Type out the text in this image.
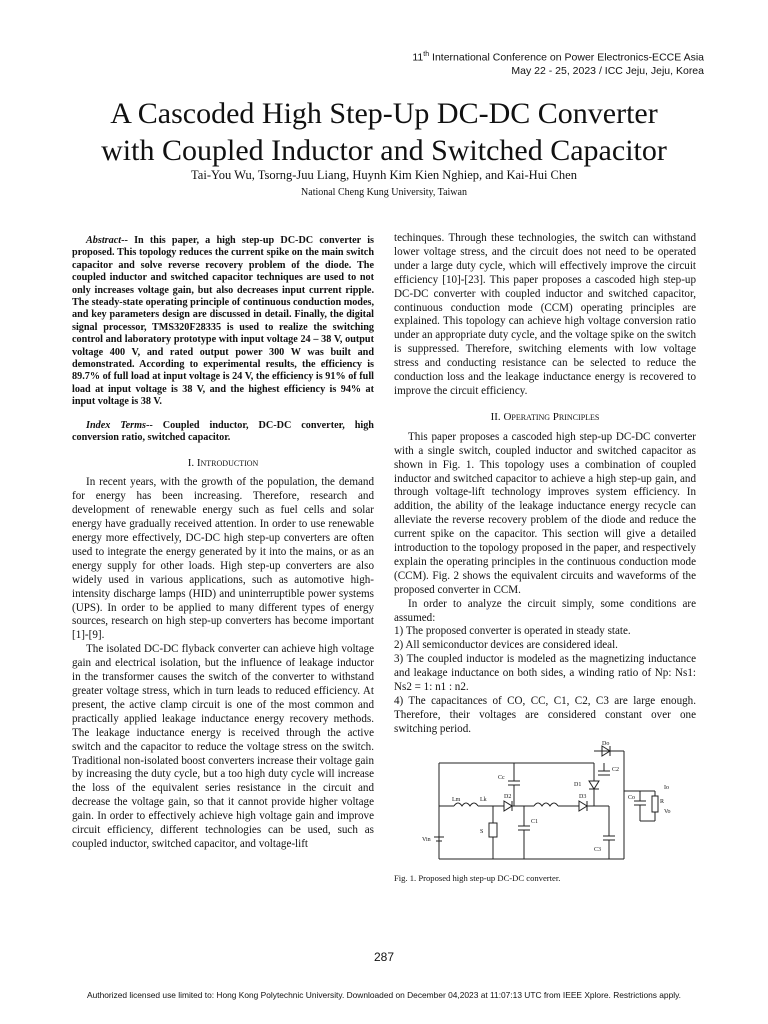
11th International Conference on Power Electronics-ECCE Asia
May 22 - 25, 2023 / ICC Jeju, Jeju, Korea
A Cascoded High Step-Up DC-DC Converter
with Coupled Inductor and Switched Capacitor
Tai-You Wu, Tsorng-Juu Liang, Huynh Kim Kien Nghiep, and Kai-Hui Chen
National Cheng Kung University, Taiwan

Abstract-- In this paper, a high step-up DC-DC converter is proposed. This topology reduces the current spike on the main switch capacitor and solve reverse recovery problem of the diode. The coupled inductor and switched capacitor techniques are used to not only increases voltage gain, but also decreases input current ripple. The steady-state operating principle of continuous conduction modes, and key parameters design are discussed in detail. Finally, the digital signal processor, TMS320F28335 is used to realize the switching control and laboratory prototype with input voltage 24 – 38 V, output voltage 400 V, and rated output power 300 W was built and demonstrated. According to experimental results, the efficiency is 89.7% of full load at input voltage is 24 V, the efficiency is 91% of full load at input voltage is 38 V, and the highest efficiency is 94% at input voltage is 38 V.

Index Terms-- Coupled inductor, DC-DC converter, high conversion ratio, switched capacitor.

I. Introduction

In recent years, with the growth of the population, the demand for energy has been increasing. Therefore, research and development of renewable energy such as fuel cells and solar energy have gradually received attention. In order to use renewable energy more effectively, DC-DC high step-up converters are often used to integrate the energy generated by it into the mains, or as an energy supply for other loads. High step-up converters are also widely used in various applications, such as automotive high-intensity discharge lamps (HID) and uninterruptible power systems (UPS). In order to be applied to many different types of energy sources, research on high step-up converters has become important [1]-[9].

The isolated DC-DC flyback converter can achieve high voltage gain and electrical isolation, but the influence of leakage inductor in the transformer causes the switch of the converter to withstand greater voltage stress, which in turn leads to reduced efficiency. At present, the active clamp circuit is one of the most common and practically applied leakage inductance energy recovery methods. The leakage inductance energy is received through the active switch and the capacitor to reduce the voltage stress on the switch. Traditional non-isolated boost converters increase their voltage gain by increasing the duty cycle, but a too high duty cycle will increase the loss of the equivalent series resistance in the circuit and decrease the voltage gain, so that it cannot provide higher voltage gain. In order to effectively achieve high voltage gain and improve circuit efficiency, different technologies can be used, such as coupled inductor, switched capacitor, and voltage-lift

techinques. Through these technologies, the switch can withstand lower voltage stress, and the circuit does not need to be operated under a large duty cycle, which will effectively improve the circuit efficiency [10]-[23]. This paper proposes a cascoded high step-up DC-DC converter with coupled inductor and switched capacitor, continuous conduction mode (CCM) operating principles are explained. This topology can achieve high voltage conversion ratio under an appropriate duty cycle, and the voltage spike on the switch is suppressed. Therefore, switching elements with low voltage stress and conducting resistance can be selected to reduce the conduction loss and the leakage inductance energy is recovered to improve the circuit efficiency.

II. Operating Principles

This paper proposes a cascoded high step-up DC-DC converter with a single switch, coupled inductor and switched capacitor as shown in Fig. 1. This topology uses a combination of coupled inductor and switched capacitor to achieve a high step-up gain, and through voltage-lift technology improves system efficiency. In addition, the ability of the leakage inductance energy recycle can alleviate the reverse recovery problem of the diode and reduce the current spike on the capacitor. This section will give a detailed introduction to the topology proposed in the paper, and respectively explain the operating principles in the continuous conduction mode (CCM). Fig. 2 shows the equivalent circuits and waveforms of the proposed converter in CCM.

In order to analyze the circuit simply, some conditions are assumed:

1) The proposed converter is operated in steady state.

2) All semiconductor devices are considered ideal.

3) The coupled inductor is modeled as the magnetizing inductance and leakage inductance on both sides, a winding ratio of Np: Ns1: Ns2 = 1: n1 : n2.

4) The capacitances of CO, CC, C1, C2, C3 are large enough. Therefore, their voltages are considered constant over one switching period.

Vin
Lm	Lk
S
D1
D2	D3
Do
C1
C2
C3
Cc
Co
R
Vo
Io
Fig. 1. Proposed high step-up DC-DC converter.
287
Authorized licensed use limited to: Hong Kong Polytechnic University. Downloaded on December 04,2023 at 11:07:13 UTC from IEEE Xplore. Restrictions apply.
